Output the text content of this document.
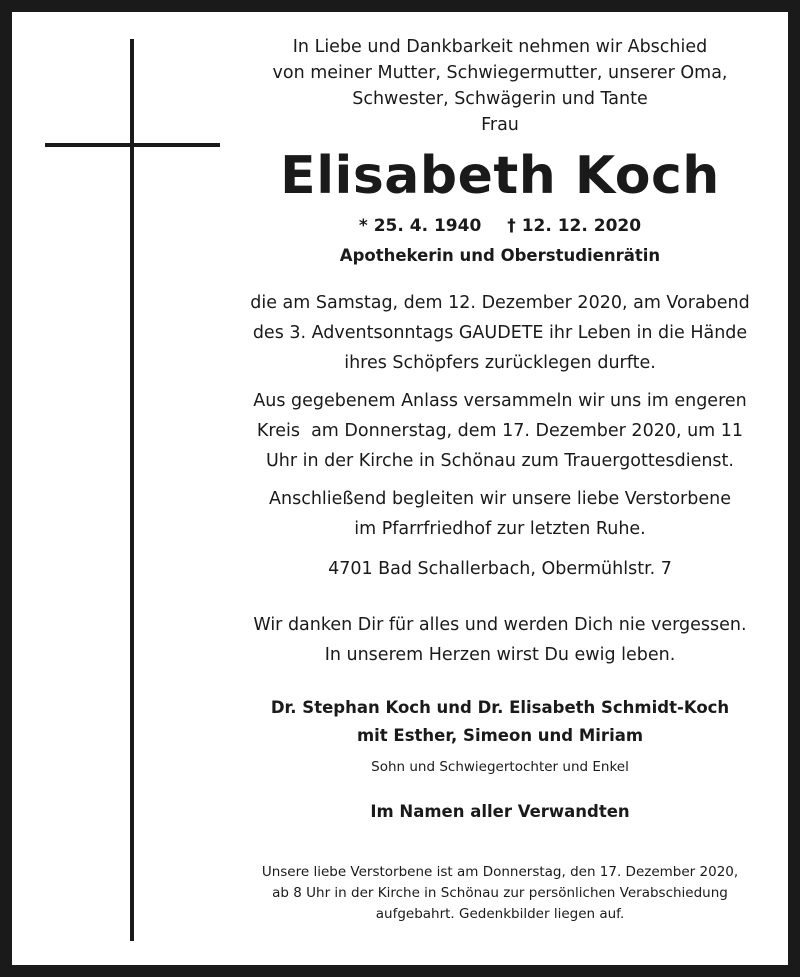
In Liebe und Dankbarkeit nehmen wir Abschied
von meiner Mutter, Schwiegermutter, unserer Oma,
Schwester, Schwägerin und Tante
Frau
Elisabeth Koch
* 25. 4. 1940 † 12. 12. 2020
Apothekerin und Oberstudienrätin
die am Samstag, dem 12. Dezember 2020, am Vorabend
des 3. Adventsonntags GAUDETE ihr Leben in die Hände
ihres Schöpfers zurücklegen durfte.
Aus gegebenem Anlass versammeln wir uns im engeren
Kreis  am Donnerstag, dem 17. Dezember 2020, um 11
Uhr in der Kirche in Schönau zum Trauergottesdienst.
Anschließend begleiten wir unsere liebe Verstorbene
im Pfarrfriedhof zur letzten Ruhe.
4701 Bad Schallerbach, Obermühlstr. 7
Wir danken Dir für alles und werden Dich nie vergessen.
In unserem Herzen wirst Du ewig leben.
Dr. Stephan Koch und Dr. Elisabeth Schmidt-Koch
mit Esther, Simeon und Miriam
Sohn und Schwiegertochter und Enkel
Im Namen aller Verwandten
Unsere liebe Verstorbene ist am Donnerstag, den 17. Dezember 2020,
ab 8 Uhr in der Kirche in Schönau zur persönlichen Verabschiedung
aufgebahrt. Gedenkbilder liegen auf.
